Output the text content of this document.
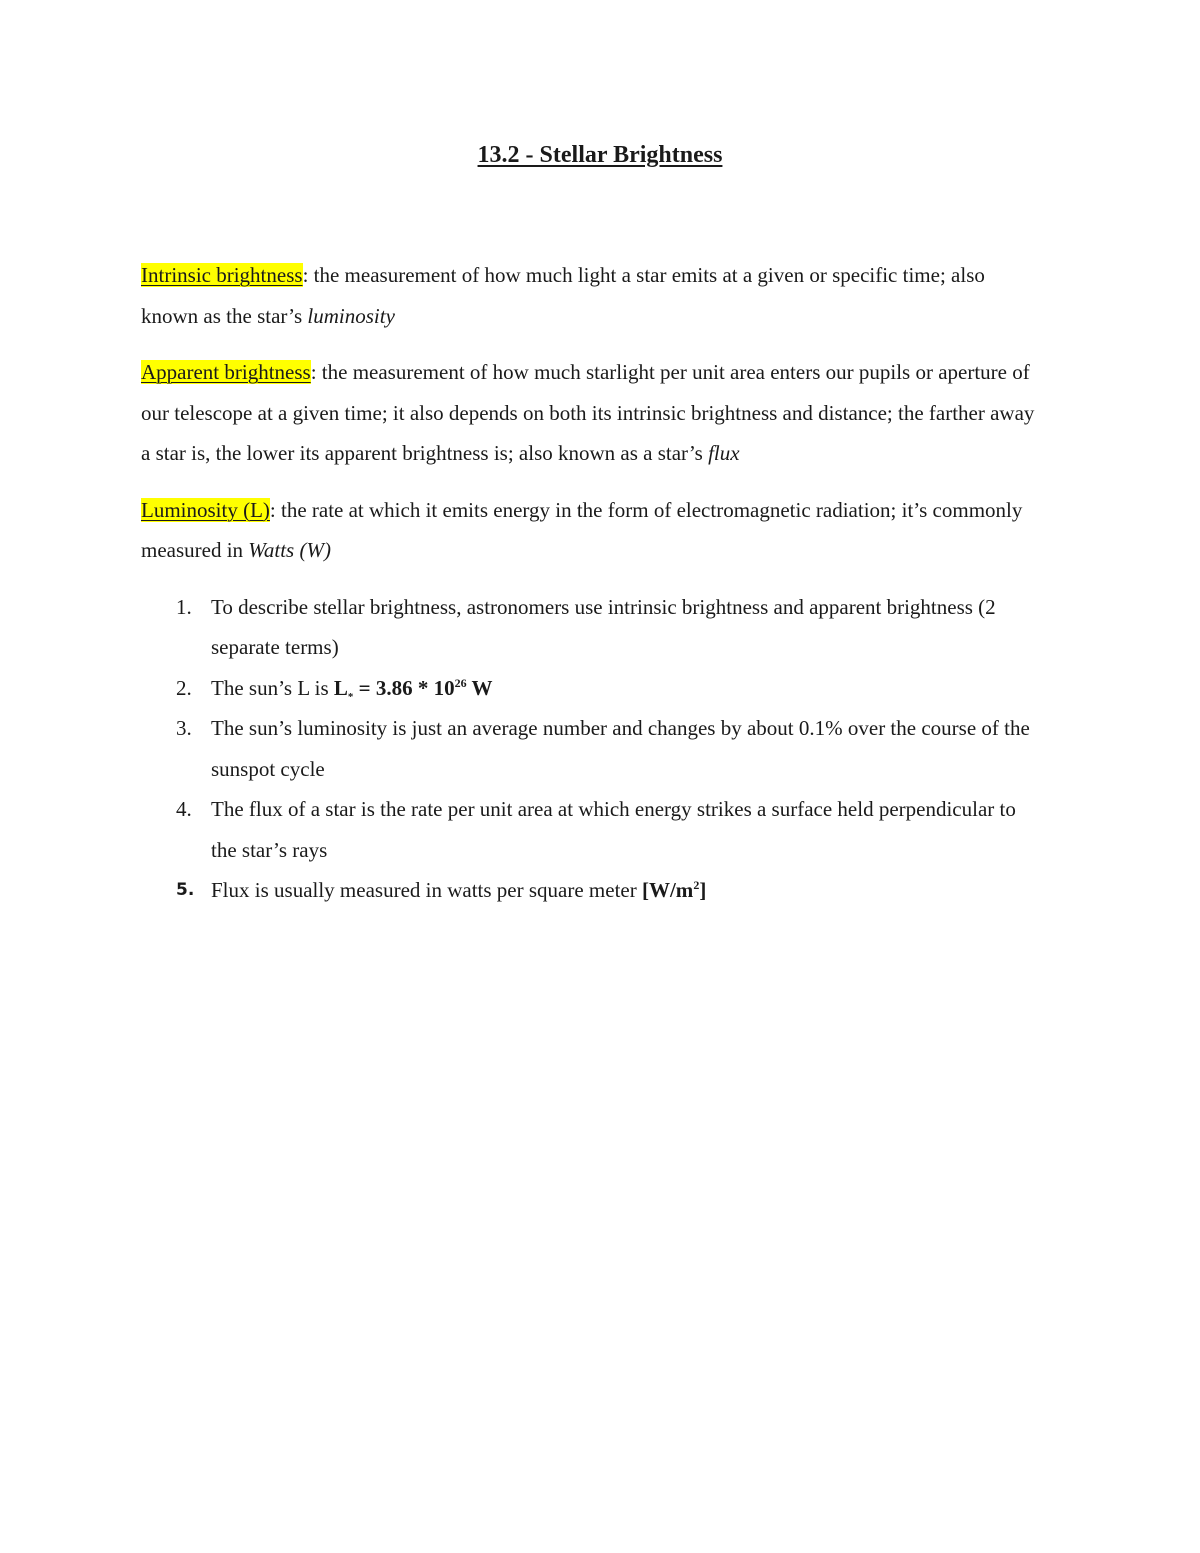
13.2 - Stellar Brightness

Intrinsic brightness: the measurement of how much light a star emits at a given or specific time; also known as the star’s luminosity

Apparent brightness: the measurement of how much starlight per unit area enters our pupils or aperture of our telescope at a given time; it also depends on both its intrinsic brightness and distance; the farther away a star is, the lower its apparent brightness is; also known as a star’s flux

Luminosity (L): the rate at which it emits energy in the form of electromagnetic radiation; it’s commonly measured in Watts (W)

1. To describe stellar brightness, astronomers use intrinsic brightness and apparent brightness (2 separate terms)
2. The sun’s L is $L_* = 3.86 * 10^{26}$ W
3. The sun’s luminosity is just an average number and changes by about 0.1% over the course of the sunspot cycle
4. The flux of a star is the rate per unit area at which energy strikes a surface held perpendicular to the star’s rays
5. Flux is usually measured in watts per square meter $[W/m^2]$
